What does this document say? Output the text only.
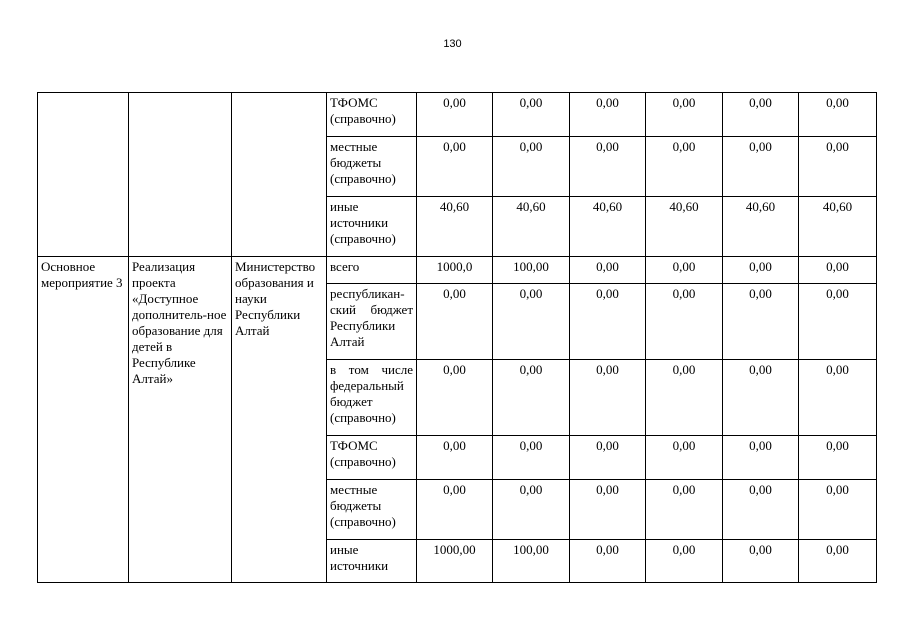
130
			ТФОМС (справочно)	0,00	0,00	0,00	0,00	0,00	0,00
			местные бюджеты (справочно)	0,00	0,00	0,00	0,00	0,00	0,00
			иные источники (справочно)	40,60	40,60	40,60	40,60	40,60	40,60
Основное мероприятие 3	Реализация проекта «Доступное дополнитель-ное образование для детей в Республике Алтай»	Министерство образования и науки Республики Алтай	всего	1000,0	100,00	0,00	0,00	0,00	0,00
			республикан-ский бюджет Республики Алтай	0,00	0,00	0,00	0,00	0,00	0,00
			в том числе федеральный бюджет (справочно)	0,00	0,00	0,00	0,00	0,00	0,00
			ТФОМС (справочно)	0,00	0,00	0,00	0,00	0,00	0,00
			местные бюджеты (справочно)	0,00	0,00	0,00	0,00	0,00	0,00
			иные источники	1000,00	100,00	0,00	0,00	0,00	0,00
